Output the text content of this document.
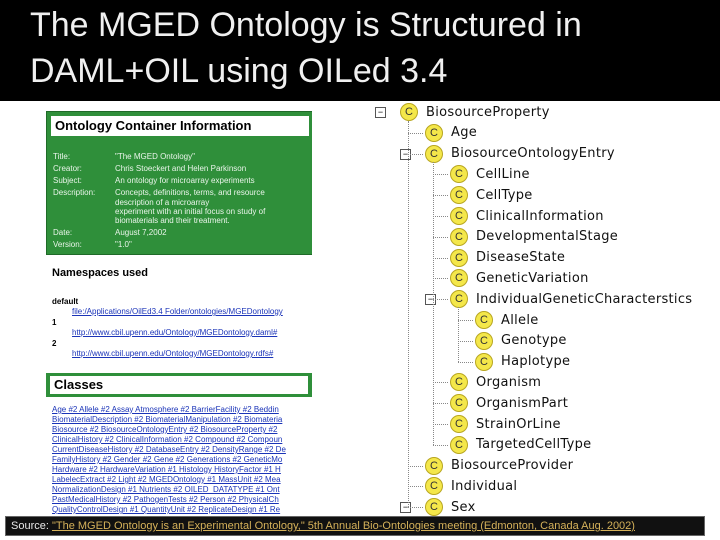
The MGED Ontology is Structured in
DAML+OIL using OILed 3.4
Ontology Container Information
Title:	"The MGED Ontology"
Creator:	Chris Stoeckert and Helen Parkinson
Subject:	An ontology for microarray experiments
Description:	Concepts, definitions, terms, and resource
description of a microarray
experiment with an initial focus on study of
biomaterials and their treatment.
Date:	August 7,2002
Version:	"1.0"
Namespaces used
default
file:/Applications/OilEd3.4 Folder/ontologies/MGEDontology
1
http://www.cbil.upenn.edu/Ontology/MGEDontology.daml#
2
http://www.cbil.upenn.edu/Ontology/MGEDontology.rdfs#
Classes
Age #2 Allele #2 Assay Atmosphere #2 BarrierFacility #2 Beddin
BiomaterialDescription #2 BiomaterialManipulation #2 Biomateria
Biosource #2 BiosourceOntologyEntry #2 BiosourceProperty #2
ClinicalHistory #2 ClinicalInformation #2 Compound #2 Compoun
CurrentDiseaseHistory #2 DatabaseEntry #2 DensityRange #2 De
FamilyHistory #2 Gender #2 Gene #2 Generations #2 GeneticMo
Hardware #2 HardwareVariation #1 Histology HistoryFactor #1 H
LabelecExtract #2 Light #2 MGEDOntology #1 MassUnit #2 Mea
NormalizationDesign #1 Nutrients #2 OILED_DATATYPE #1 Ont
PastMedicalHistory #2 PathogenTests #2 Person #2 PhysicalCh
QualityControlDesign #1 QuantityUnit #2 ReplicateDesign #1 Re
C	BiosourceProperty
−
C	Age
C	BiosourceOntologyEntry
−
C	CellLine
C	CellType
C	ClinicalInformation
C	DevelopmentalStage
C	DiseaseState
C	GeneticVariation
C	IndividualGeneticCharacterstics
−
C	Allele
C	Genotype
C	Haplotype
C	Organism
C	OrganismPart
C	StrainOrLine
C	TargetedCellType
C	BiosourceProvider
C	Individual
C	Sex
−
Source: "The MGED Ontology is an Experimental Ontology," 5th Annual Bio-Ontologies meeting (Edmonton, Canada Aug. 2002)
